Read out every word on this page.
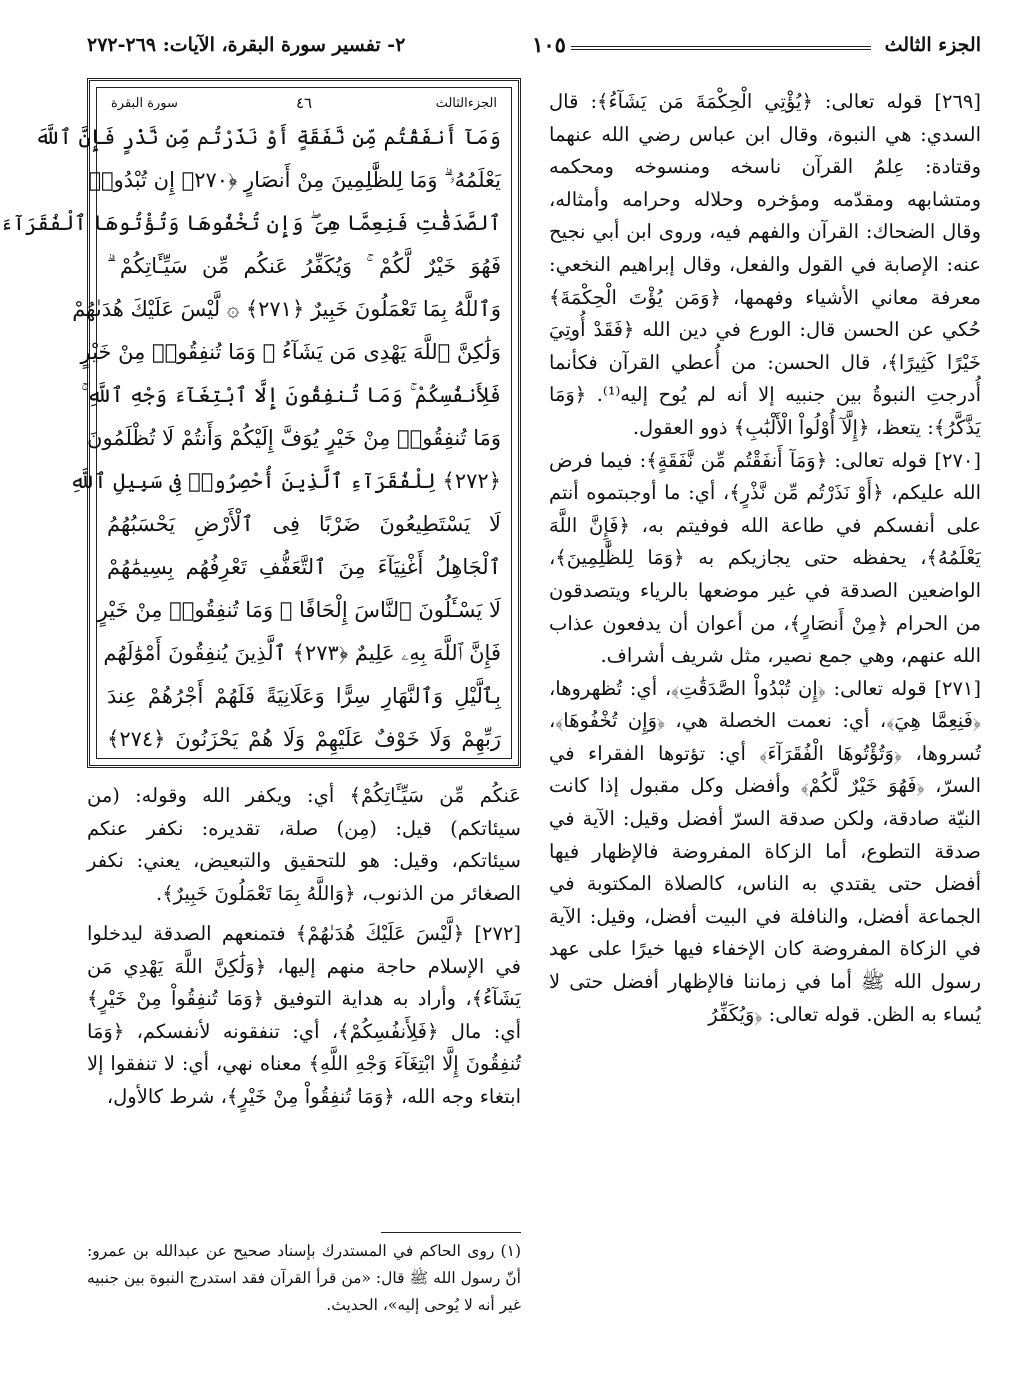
الجزء الثالث
١٠٥
٢- تفسير سورة البقرة، الآيات: ٢٦٩-٢٧٢
الجزءالثالث
٤٦
سورة البقرة
وَمَآ أَنفَقْتُم مِّن نَّفَقَةٍ أَوْ نَذَرْتُم مِّن نَّذْرٍ فَإِنَّ ٱللَّهَ
يَعْلَمُهُۥ ۗ وَمَا لِلظَّٰلِمِينَ مِنْ أَنصَارٍ ﴿٢٧٠﴾ إِن تُبْدُوا۟
ٱلصَّدَقَٰتِ فَنِعِمَّا هِىَ ۖ وَإِن تُخْفُوهَا وَتُؤْتُوهَا ٱلْفُقَرَآءَ
فَهُوَ خَيْرٌ لَّكُمْ ۚ وَيُكَفِّرُ عَنكُم مِّن سَيِّـَٔاتِكُمْ ۗ
وَٱللَّهُ بِمَا تَعْمَلُونَ خَبِيرٌ ﴿٢٧١﴾ ۞ لَّيْسَ عَلَيْكَ هُدَىٰهُمْ
وَلَٰكِنَّ ٱللَّهَ يَهْدِى مَن يَشَآءُ ۗ وَمَا تُنفِقُوا۟ مِنْ خَيْرٍ
فَلِأَنفُسِكُمْ ۚ وَمَا تُنفِقُونَ إِلَّا ٱبْتِغَآءَ وَجْهِ ٱللَّهِ ۚ
وَمَا تُنفِقُوا۟ مِنْ خَيْرٍ يُوَفَّ إِلَيْكُمْ وَأَنتُمْ لَا تُظْلَمُونَ
﴿٢٧٢﴾ لِلْفُقَرَآءِ ٱلَّذِينَ أُحْصِرُوا۟ فِى سَبِيلِ ٱللَّهِ
لَا يَسْتَطِيعُونَ ضَرْبًا فِى ٱلْأَرْضِ يَحْسَبُهُمُ
ٱلْجَاهِلُ أَغْنِيَآءَ مِنَ ٱلتَّعَفُّفِ تَعْرِفُهُم بِسِيمَٰهُمْ
لَا يَسْـَٔلُونَ ٱلنَّاسَ إِلْحَافًا ۗ وَمَا تُنفِقُوا۟ مِنْ خَيْرٍ
فَإِنَّ ٱللَّهَ بِهِۦ عَلِيمٌ ﴿٢٧٣﴾ ٱلَّذِينَ يُنفِقُونَ أَمْوَٰلَهُم
بِٱلَّيْلِ وَٱلنَّهَارِ سِرًّا وَعَلَانِيَةً فَلَهُمْ أَجْرُهُمْ عِندَ
رَبِّهِمْ وَلَا خَوْفٌ عَلَيْهِمْ وَلَا هُمْ يَحْزَنُونَ ﴿٢٧٤﴾

[٢٦٩] قوله تعالى: ﴿يُؤْتِي الْحِكْمَةَ مَن يَشَآءُ﴾: قال السدي: هي النبوة، وقال ابن عباس رضي الله عنهما وقتادة: عِلمُ القرآن ناسخه ومنسوخه ومحكمه ومتشابهه ومقدّمه ومؤخره وحلاله وحرامه وأمثاله، وقال الضحاك: القرآن والفهم فيه، وروى ابن أبي نجيح عنه: الإصابة في القول والفعل، وقال إبراهيم النخعي: معرفة معاني الأشياء وفهمها، ﴿وَمَن يُؤْتَ الْحِكْمَةَ﴾ حُكي عن الحسن قال: الورع في دين الله ﴿فَقَدْ أُوتِيَ خَيْرًا كَثِيرًا﴾، قال الحسن: من أُعطي القرآن فكأنما أُدرجتِ النبوةُ بين جنبيه إلا أنه لم يُوح إليه⁽¹⁾. ﴿وَمَا يَذَّكَّرُ﴾: يتعظ، ﴿إِلَّآ أُوْلُواْ الْأَلْبَٰبِ﴾ ذوو العقول.

[٢٧٠] قوله تعالى: ﴿وَمَآ أَنفَقْتُم مِّن نَّفَقَةٍ﴾: فيما فرض الله عليكم، ﴿أَوْ نَذَرْتُم مِّن نَّذْرٍ﴾، أي: ما أوجبتموه أنتم على أنفسكم في طاعة الله فوفيتم به، ﴿فَإِنَّ اللَّهَ يَعْلَمُهُ﴾، يحفظه حتى يجازيكم به ﴿وَمَا لِلظَّٰلِمِينَ﴾، الواضعين الصدقة في غير موضعها بالرياء ويتصدقون من الحرام ﴿مِنْ أَنصَارٍ﴾، من أعوان أن يدفعون عذاب الله عنهم، وهي جمع نصير، مثل شريف أشراف.

[٢٧١] قوله تعالى: ﴿إِن تُبْدُواْ الصَّدَقَٰتِ﴾، أي: تُظهروها، ﴿فَنِعِمَّا هِيَ﴾، أي: نعمت الخصلة هي، ﴿وَإِن تُخْفُوهَا﴾، تُسروها، ﴿وَتُؤْتُوهَا الْفُقَرَآءَ﴾ أي: تؤتوها الفقراء في السرّ، ﴿فَهُوَ خَيْرٌ لَّكُمْ﴾ وأفضل وكل مقبول إذا كانت النيّة صادقة، ولكن صدقة السرّ أفضل وقيل: الآية في صدقة التطوع، أما الزكاة المفروضة فالإظهار فيها أفضل حتى يقتدي به الناس، كالصلاة المكتوبة في الجماعة أفضل، والنافلة في البيت أفضل، وقيل: الآية في الزكاة المفروضة كان الإخفاء فيها خيرًا على عهد رسول الله ﷺ أما في زماننا فالإظهار أفضل حتى لا يُساء به الظن. قوله تعالى: ﴿وَيُكَفِّرُ

عَنكُم مِّن سَيِّـَٔاتِكُمْ﴾ أي: ويكفر الله وقوله: (من سيئاتكم) قيل: (مِن) صلة، تقديره: نكفر عنكم سيئاتكم، وقيل: هو للتحقيق والتبعيض، يعني: نكفر الصغائر من الذنوب، ﴿وَاللَّهُ بِمَا تَعْمَلُونَ خَبِيرٌ﴾.

[٢٧٢] ﴿لَّيْسَ عَلَيْكَ هُدَىٰهُمْ﴾ فتمنعهم الصدقة ليدخلوا في الإسلام حاجة منهم إليها، ﴿وَلَٰكِنَّ اللَّهَ يَهْدِي مَن يَشَآءُ﴾، وأراد به هداية التوفيق ﴿وَمَا تُنفِقُواْ مِنْ خَيْرٍ﴾ أي: مال ﴿فَلِأَنفُسِكُمْ﴾، أي: تنفقونه لأنفسكم، ﴿وَمَا تُنفِقُونَ إِلَّا ابْتِغَآءَ وَجْهِ اللَّهِ﴾ معناه نهي، أي: لا تنفقوا إلا ابتغاء وجه الله، ﴿وَمَا تُنفِقُواْ مِنْ خَيْرٍ﴾، شرط كالأول،

(١) روى الحاكم في المستدرك بإسناد صحيح عن عبدالله بن عمرو: أنّ رسول الله ﷺ قال: «من قرأ القرآن فقد استدرج النبوة بين جنبيه غير أنه لا يُوحى إليه»، الحديث.
